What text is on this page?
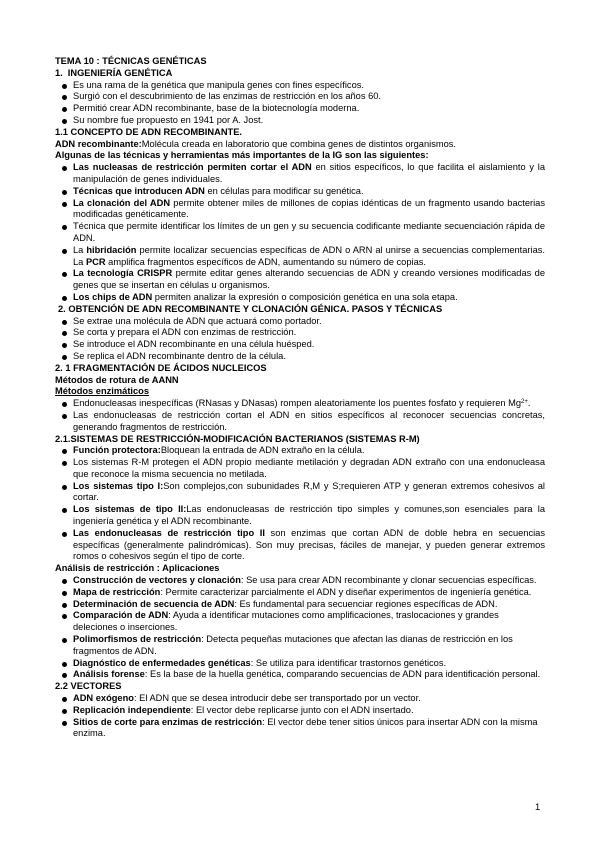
TEMA 10 : TÉCNICAS GENÉTICAS

1. INGENIERÍA GENÉTICA

Es una rama de la genética que manipula genes con fines específicos.
Surgió con el descubrimiento de las enzimas de restricción en los años 60.
Permitió crear ADN recombinante, base de la biotecnología moderna.
Su nombre fue propuesto en 1941 por A. Jost.

1.1 CONCEPTO DE ADN RECOMBINANTE.

ADN recombinante:Molécula creada en laboratorio que combina genes de distintos organismos.

Algunas de las técnicas y herramientas más importantes de la IG son las siguientes:

Las nucleasas de restricción permiten cortar el ADN en sitios específicos, lo que facilita el aislamiento y la manipulación de genes individuales.
Técnicas que introducen ADN en células para modificar su genética.
La clonación del ADN permite obtener miles de millones de copias idénticas de un fragmento usando bacterias modificadas genéticamente.
Técnica que permite identificar los límites de un gen y su secuencia codificante mediante secuenciación rápida de ADN.
La hibridación permite localizar secuencias específicas de ADN o ARN al unirse a secuencias complementarias. La PCR amplifica fragmentos específicos de ADN, aumentando su número de copias.
La tecnología CRISPR permite editar genes alterando secuencias de ADN y creando versiones modificadas de genes que se insertan en células u organismos.
Los chips de ADN permiten analizar la expresión o composición genética en una sola etapa.

2. OBTENCIÓN DE ADN RECOMBINANTE Y CLONACIÓN GÉNICA. PASOS Y TÉCNICAS

Se extrae una molécula de ADN que actuará como portador.
Se corta y prepara el ADN con enzimas de restricción.
Se introduce el ADN recombinante en una célula huésped.
Se replica el ADN recombinante dentro de la célula.

2. 1 FRAGMENTACIÓN DE ÁCIDOS NUCLEICOS

Métodos de rotura de AANN

Métodos enzimáticos

Endonucleasas inespecíficas (RNasas y DNasas) rompen aleatoriamente los puentes fosfato y requieren $Mg^{2+}$.
Las endonucleasas de restricción cortan el ADN en sitios específicos al reconocer secuencias concretas, generando fragmentos de restricción.

2.1.SISTEMAS DE RESTRICCIÓN-MODIFICACIÓN BACTERIANOS (SISTEMAS R-M)

Función protectora:Bloquean la entrada de ADN extraño en la célula.
Los sistemas R-M protegen el ADN propio mediante metilación y degradan ADN extraño con una endonucleasa que reconoce la misma secuencia no metilada.
Los sistemas tipo I:Son complejos,con subunidades R,M y S;requieren ATP y generan extremos cohesivos al cortar.
Los sistemas de tipo II:Las endonucleasas de restricción tipo simples y comunes,son esenciales para la ingeniería genética y el ADN recombinante.
Las endonucleasas de restricción tipo II son enzimas que cortan ADN de doble hebra en secuencias específicas (generalmente palindrómicas). Son muy precisas, fáciles de manejar, y pueden generar extremos romos o cohesivos según el tipo de corte.

Análisis de restricción : Aplicaciones

Construcción de vectores y clonación: Se usa para crear ADN recombinante y clonar secuencias específicas.
Mapa de restricción: Permite caracterizar parcialmente el ADN y diseñar experimentos de ingeniería genética.
Determinación de secuencia de ADN: Es fundamental para secuenciar regiones específicas de ADN.
Comparación de ADN: Ayuda a identificar mutaciones como amplificaciones, traslocaciones y grandes deleciones o inserciones.
Polimorfismos de restricción: Detecta pequeñas mutaciones que afectan las dianas de restricción en los fragmentos de ADN.
Diagnóstico de enfermedades genéticas: Se utiliza para identificar trastornos genéticos.
Análisis forense: Es la base de la huella genética, comparando secuencias de ADN para identificación personal.

2.2 VECTORES

ADN exógeno: El ADN que se desea introducir debe ser transportado por un vector.
Replicación independiente: El vector debe replicarse junto con el ADN insertado.
Sitios de corte para enzimas de restricción: El vector debe tener sitios únicos para insertar ADN con la misma enzima.
1
